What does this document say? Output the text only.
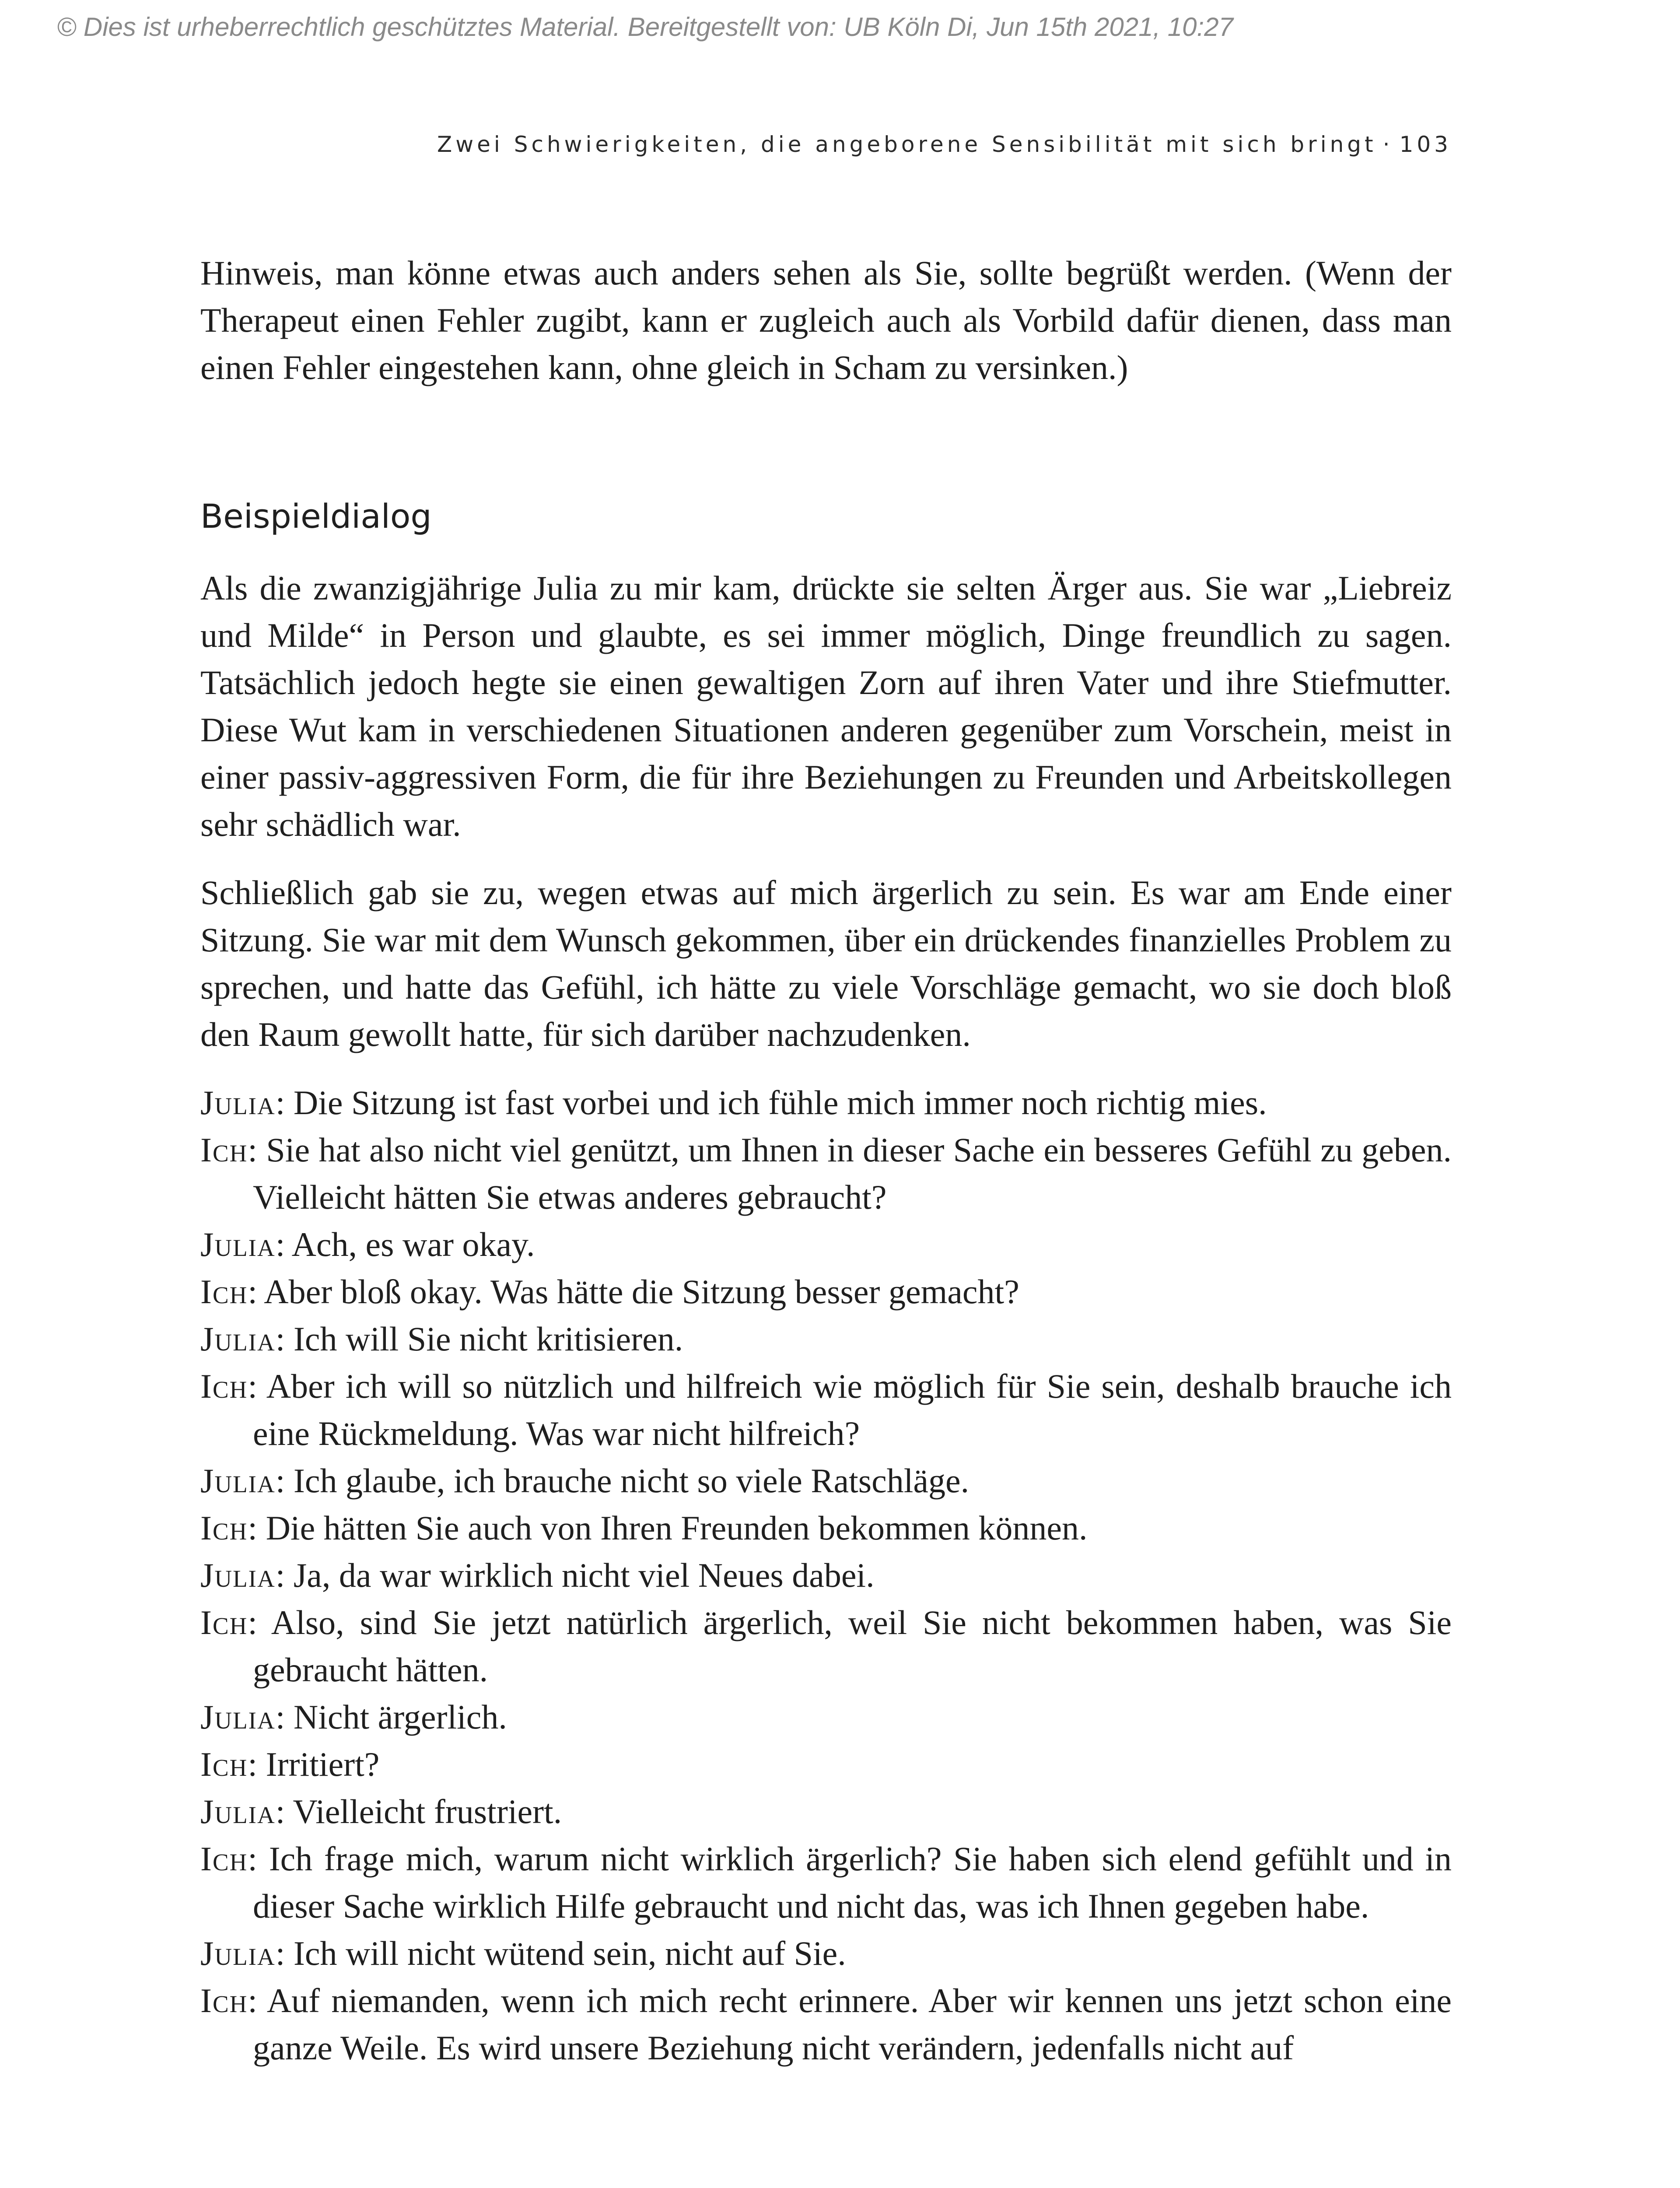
© Dies ist urheberrechtlich geschütztes Material. Bereitgestellt von: UB Köln Di, Jun 15th 2021, 10:27
Zwei Schwierigkeiten, die angeborene Sensibilität mit sich bringt · 103

Hinweis, man könne etwas auch anders sehen als Sie, sollte begrüßt werden. (Wenn der Therapeut einen Fehler zugibt, kann er zugleich auch als Vorbild dafür dienen, dass man einen Fehler eingestehen kann, ohne gleich in Scham zu versinken.)

Beispieldialog

Als die zwanzigjährige Julia zu mir kam, drückte sie selten Ärger aus. Sie war „Liebreiz und Milde“ in Person und glaubte, es sei immer möglich, Dinge freundlich zu sagen. Tatsächlich jedoch hegte sie einen gewaltigen Zorn auf ihren Vater und ihre Stiefmutter. Diese Wut kam in verschiedenen Situationen anderen gegenüber zum Vorschein, meist in einer passiv-aggressiven Form, die für ihre Beziehungen zu Freunden und Arbeitskollegen sehr schädlich war.

Schließlich gab sie zu, wegen etwas auf mich ärgerlich zu sein. Es war am Ende einer Sitzung. Sie war mit dem Wunsch gekommen, über ein drückendes finanzielles Problem zu sprechen, und hatte das Gefühl, ich hätte zu viele Vorschläge gemacht, wo sie doch bloß den Raum gewollt hatte, für sich darüber nachzudenken.

Julia: Die Sitzung ist fast vorbei und ich fühle mich immer noch richtig mies.

Ich: Sie hat also nicht viel genützt, um Ihnen in dieser Sache ein besseres Gefühl zu geben. Vielleicht hätten Sie etwas anderes gebraucht?

Julia: Ach, es war okay.

Ich: Aber bloß okay. Was hätte die Sitzung besser gemacht?

Julia: Ich will Sie nicht kritisieren.

Ich: Aber ich will so nützlich und hilfreich wie möglich für Sie sein, deshalb brauche ich eine Rückmeldung. Was war nicht hilfreich?

Julia: Ich glaube, ich brauche nicht so viele Ratschläge.

Ich: Die hätten Sie auch von Ihren Freunden bekommen können.

Julia: Ja, da war wirklich nicht viel Neues dabei.

Ich: Also, sind Sie jetzt natürlich ärgerlich, weil Sie nicht bekommen haben, was Sie gebraucht hätten.

Julia: Nicht ärgerlich.

Ich: Irritiert?

Julia: Vielleicht frustriert.

Ich: Ich frage mich, warum nicht wirklich ärgerlich? Sie haben sich elend gefühlt und in dieser Sache wirklich Hilfe gebraucht und nicht das, was ich Ihnen gegeben habe.

Julia: Ich will nicht wütend sein, nicht auf Sie.

Ich: Auf niemanden, wenn ich mich recht erinnere. Aber wir kennen uns jetzt schon eine ganze Weile. Es wird unsere Beziehung nicht verändern, jedenfalls nicht auf
